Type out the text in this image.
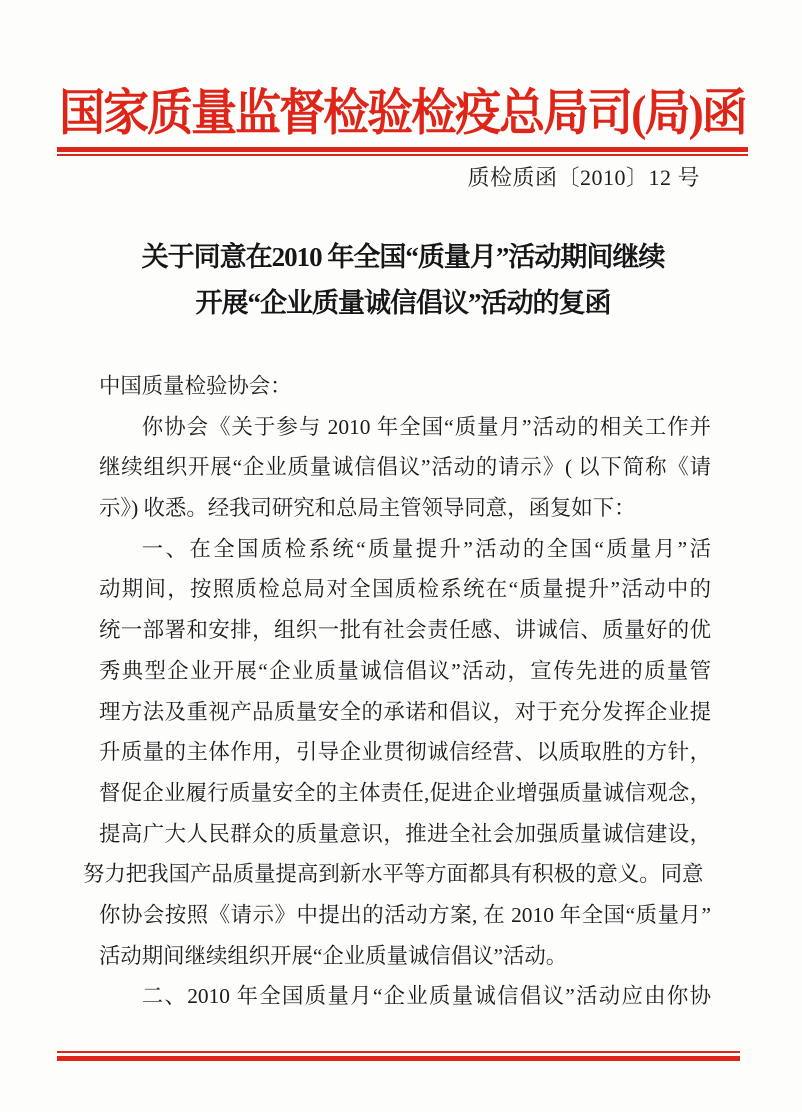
国家质量监督检验检疫总局司(局)函
质检质函〔2010〕12 号
关于同意在2010 年全国“质量月”活动期间继续
开展“企业质量诚信倡议”活动的复函
中国质量检验协会：
你协会《关于参与 2010 年全国“质量月”活动的相关工作并
继续组织开展“企业质量诚信倡议”活动的请示》( 以下简称《请
示》) 收悉。经我司研究和总局主管领导同意，函复如下：
一、在全国质检系统“质量提升”活动的全国“质量月”活
动期间，按照质检总局对全国质检系统在“质量提升”活动中的
统一部署和安排，组织一批有社会责任感、讲诚信、质量好的优
秀典型企业开展“企业质量诚信倡议”活动，宣传先进的质量管
理方法及重视产品质量安全的承诺和倡议，对于充分发挥企业提
升质量的主体作用，引导企业贯彻诚信经营、以质取胜的方针，
督促企业履行质量安全的主体责任,促进企业增强质量诚信观念，
提高广大人民群众的质量意识，推进全社会加强质量诚信建设，
努力把我国产品质量提高到新水平等方面都具有积极的意义。同意
你协会按照《请示》中提出的活动方案, 在 2010 年全国“质量月”
活动期间继续组织开展“企业质量诚信倡议”活动。
二、2010 年全国质量月“企业质量诚信倡议”活动应由你协
